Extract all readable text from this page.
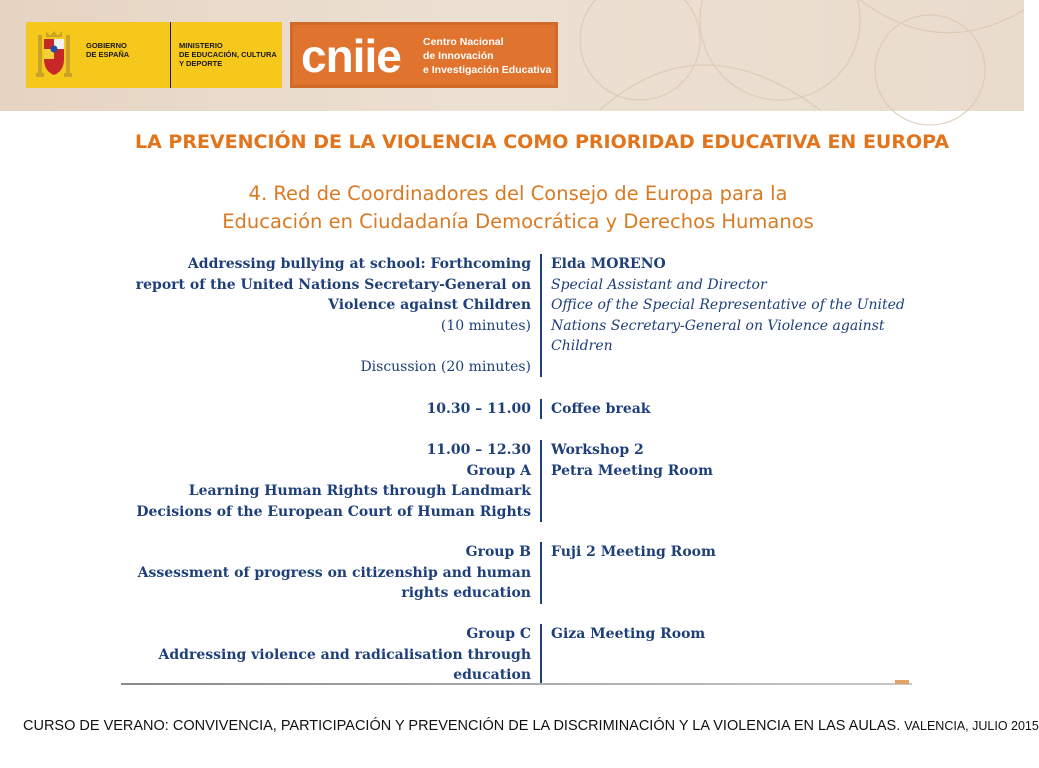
GOBIERNO
DE ESPAÑA
MINISTERIO
DE EDUCACIÓN, CULTURA
Y DEPORTE	cniie Centro Nacional
de Innovación
e Investigación Educativa
LA PREVENCIÓN DE LA VIOLENCIA COMO PRIORIDAD EDUCATIVA EN EUROPA
4. Red de Coordinadores del Consejo de Europa para la
Educación en Ciudadanía Democrática y Derechos Humanos
Addressing bullying at school: Forthcoming
report of the United Nations Secretary-General on
Violence against Children
(10 minutes)
Discussion (20 minutes)
Elda MORENO
Special Assistant and Director
Office of the Special Representative of the United
Nations Secretary-General on Violence against
Children
10.30 – 11.00 Coffee break
11.00 – 12.30
Group A
Learning Human Rights through Landmark
Decisions of the European Court of Human Rights
Workshop 2
Petra Meeting Room
Group B
Assessment of progress on citizenship and human
rights education
Fuji 2 Meeting Room
Group C
Addressing violence and radicalisation through
education
Giza Meeting Room
CURSO DE VERANO: CONVIVENCIA, PARTICIPACIÓN Y PREVENCIÓN DE LA DISCRIMINACIÓN Y LA VIOLENCIA EN LAS AULAS. VALENCIA, JULIO 2015
